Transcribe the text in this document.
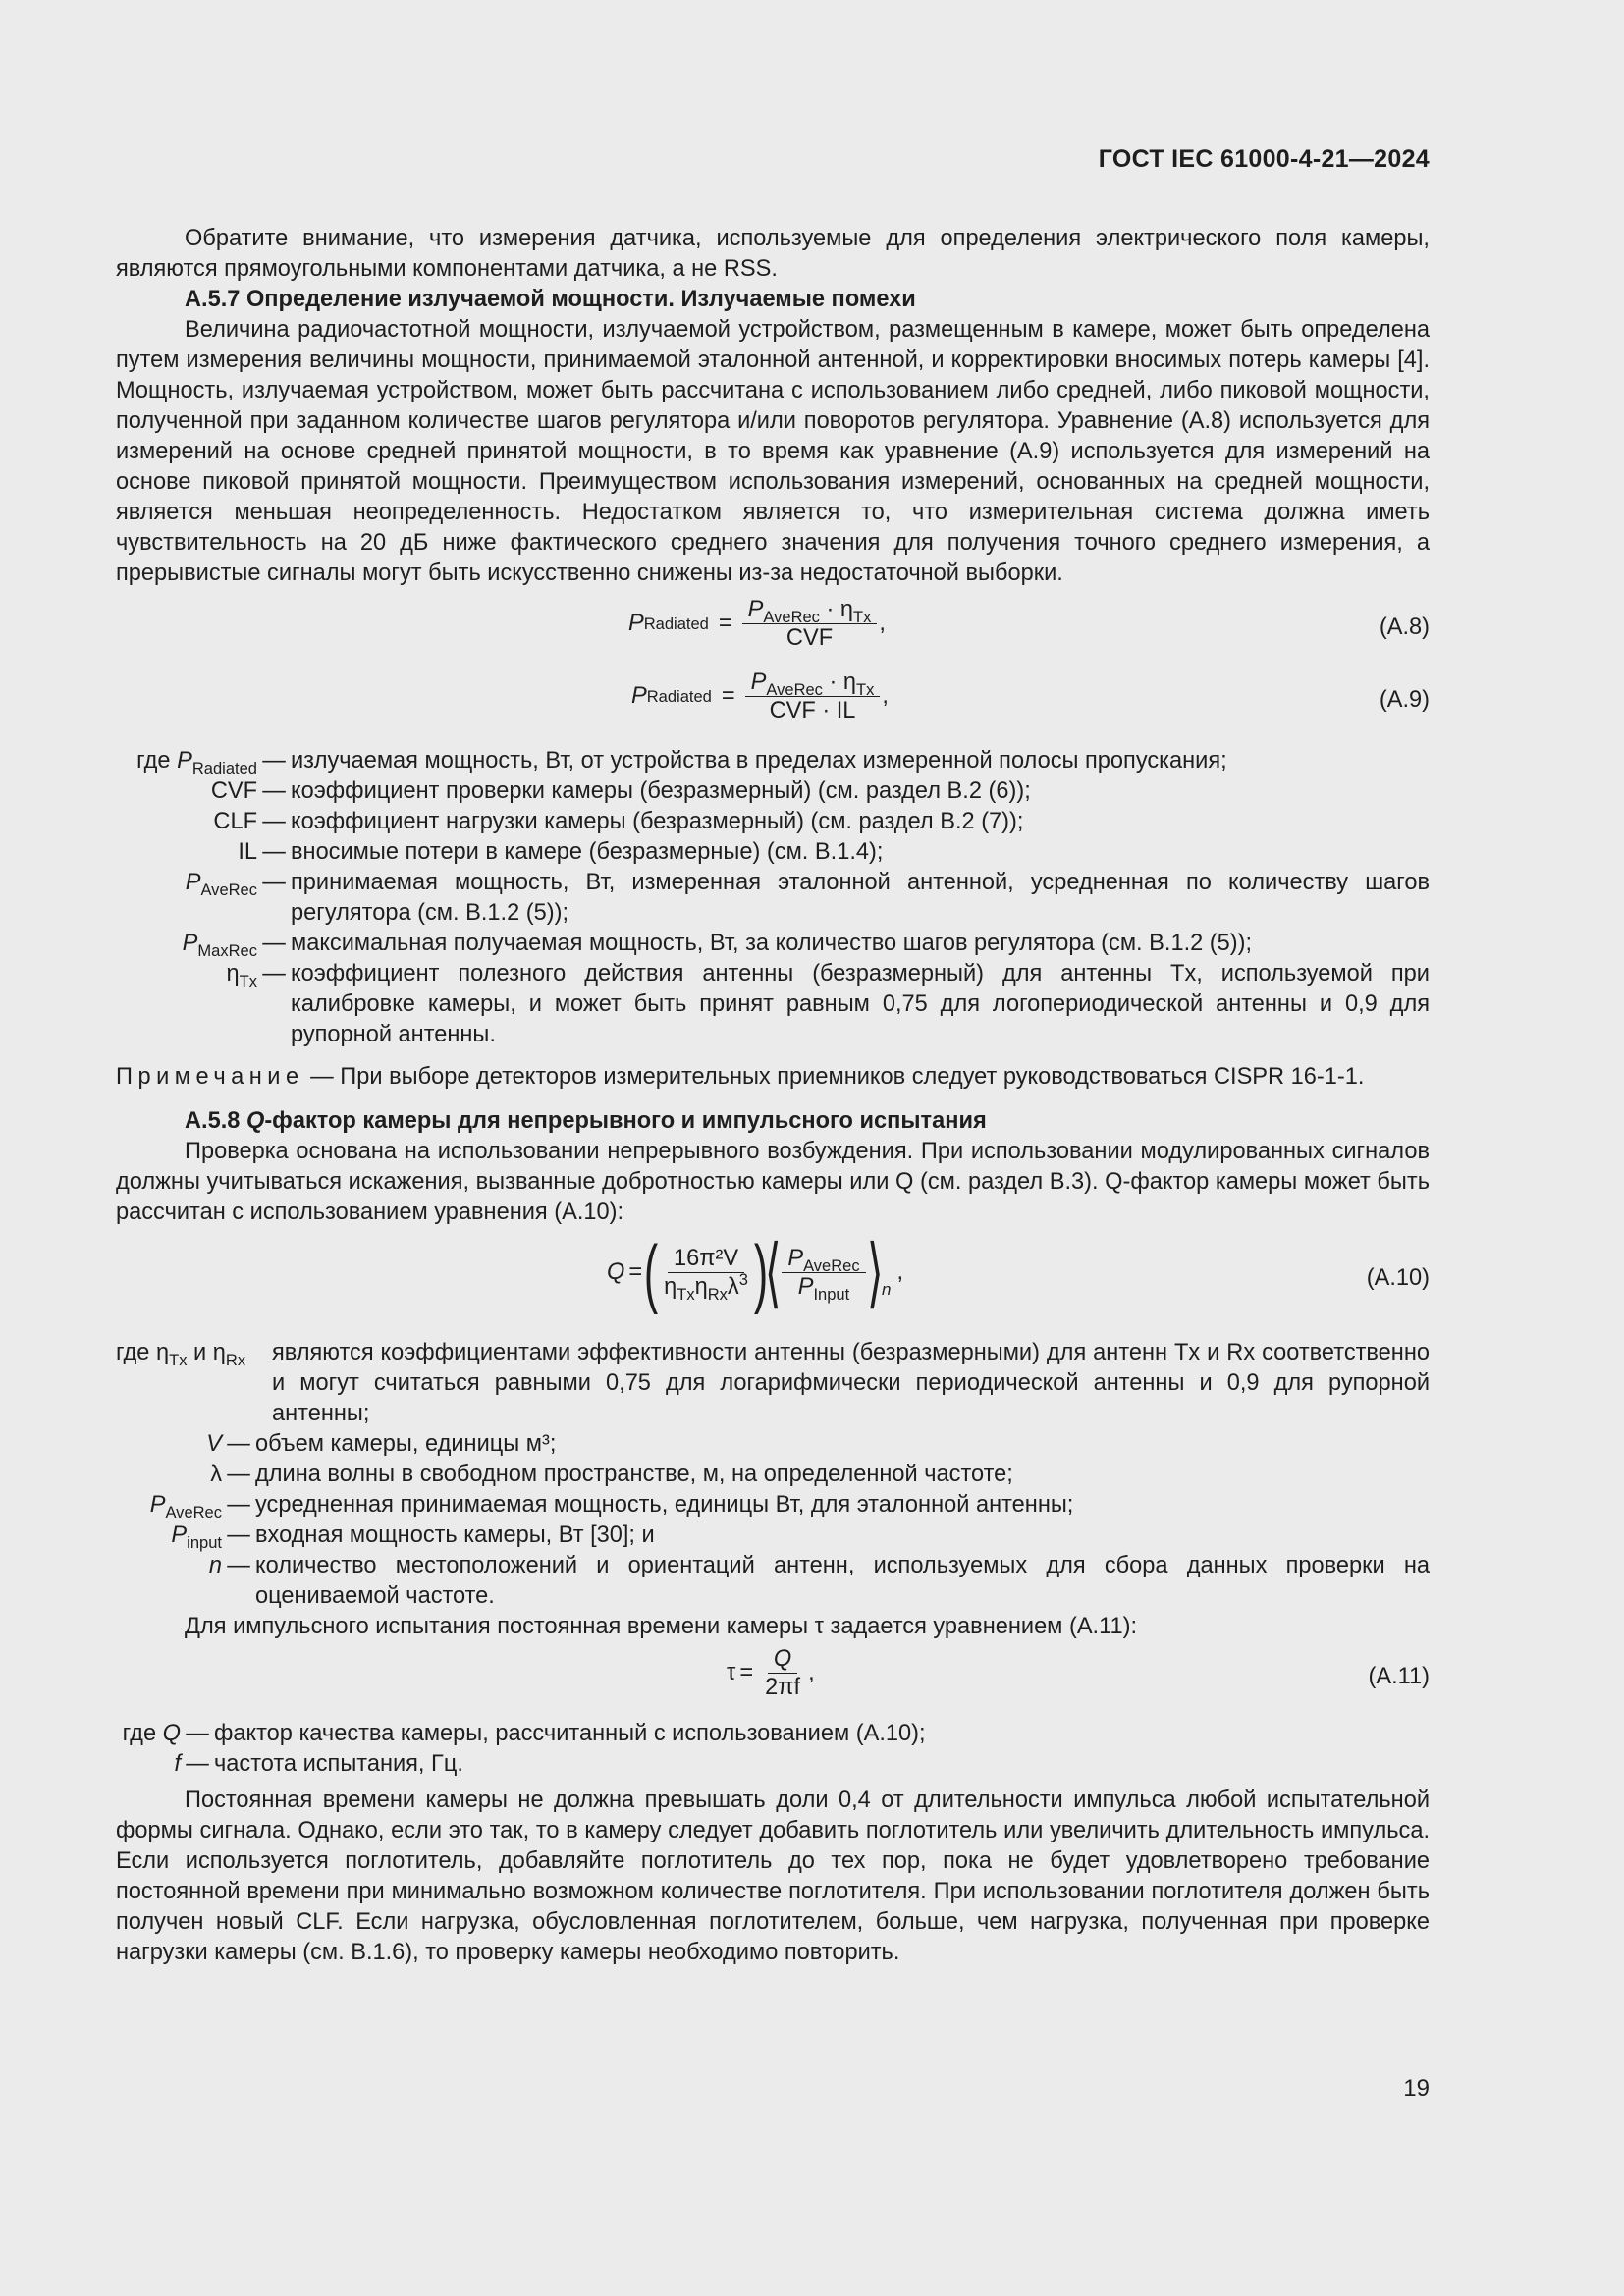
ГОСТ IEC 61000-4-21—2024

Обратите внимание, что измерения датчика, используемые для определения электрического поля камеры, являются прямоугольными компонентами датчика, а не RSS.

А.5.7 Определение излучаемой мощности. Излучаемые помехи

Величина радиочастотной мощности, излучаемой устройством, размещенным в камере, может быть определена путем измерения величины мощности, принимаемой эталонной антенной, и корректировки вносимых потерь камеры [4]. Мощность, излучаемая устройством, может быть рассчитана с использованием либо средней, либо пиковой мощности, полученной при заданном количестве шагов регулятора и/или поворотов регулятора. Уравнение (А.8) используется для измерений на основе средней принятой мощности, в то время как уравнение (А.9) используется для измерений на основе пиковой принятой мощности. Преимуществом использования измерений, основанных на средней мощности, является меньшая неопределенность. Недостатком является то, что измерительная система должна иметь чувствительность на 20 дБ ниже фактического среднего значения для получения точного среднего измерения, а прерывистые сигналы могут быть искусственно снижены из-за недостаточной выборки.

P Radiated = $\frac{P_{AveRec} \cdot \eta_{Tx}}{\text{CVF}}$ ,	(А.8)
P Radiated = $\frac{P_{AveRec} \cdot \eta_{Tx}}{\text{CVF · IL}}$ ,	(А.9)
где $P_{Radiated}$ — излучаемая мощность, Вт, от устройства в пределах измеренной полосы пропускания;
CVF — коэффициент проверки камеры (безразмерный) (см. раздел В.2 (6));
CLF — коэффициент нагрузки камеры (безразмерный) (см. раздел В.2 (7));
IL — вносимые потери в камере (безразмерные) (см. В.1.4);
$P_{AveRec}$ — принимаемая мощность, Вт, измеренная эталонной антенной, усредненная по количеству шагов регулятора (см. В.1.2 (5));
$P_{MaxRec}$ — максимальная получаемая мощность, Вт, за количество шагов регулятора (см. В.1.2 (5));
$\eta_{Tx}$ — коэффициент полезного действия антенны (безразмерный) для антенны Tx, используемой при калибровке камеры, и может быть принят равным 0,75 для логопериодической антенны и 0,9 для рупорной антенны.
Примечание — При выборе детекторов измерительных приемников следует руководствоваться CISPR 16-1-1.
А.5.8 Q-фактор камеры для непрерывного и импульсного испытания

Проверка основана на использовании непрерывного возбуждения. При использовании модулированных сигналов должны учитываться искажения, вызванные добротностью камеры или Q (см. раздел В.3). Q-фактор камеры может быть рассчитан с использованием уравнения (А.10):

Q = ( $\frac{\text{16π²V}}{\eta_{Tx}\eta_{Rx}\lambda^3}$ )
⟨ $\frac{P_{AveRec}}{P_{Input}}$ ⟩
n
,	(А.10)
где $\eta_{Tx}$ и $\eta_{Rx}$	являются коэффициентами эффективности антенны (безразмерными) для антенн Tx и Rx соответственно и могут считаться равными 0,75 для логарифмически периодической антенны и 0,9 для рупорной антенны;
V — объем камеры, единицы м³;
λ — длина волны в свободном пространстве, м, на определенной частоте;
$P_{AveRec}$ — усредненная принимаемая мощность, единицы Вт, для эталонной антенны;
$P_{input}$ — входная мощность камеры, Вт [30]; и
n — количество местоположений и ориентаций антенн, используемых для сбора данных проверки на оцениваемой частоте.

Для импульсного испытания постоянная времени камеры τ задается уравнением (А.11):

$\tau = \frac{Q}{2\pi f}$ ,	(А.11)
где Q — фактор качества камеры, рассчитанный с использованием (А.10);
f — частота испытания, Гц.

Постоянная времени камеры не должна превышать доли 0,4 от длительности импульса любой испытательной формы сигнала. Однако, если это так, то в камеру следует добавить поглотитель или увеличить длительность импульса. Если используется поглотитель, добавляйте поглотитель до тех пор, пока не будет удовлетворено требование постоянной времени при минимально возможном количестве поглотителя. При использовании поглотителя должен быть получен новый CLF. Если нагрузка, обусловленная поглотителем, больше, чем нагрузка, полученная при проверке нагрузки камеры (см. В.1.6), то проверку камеры необходимо повторить.

19
